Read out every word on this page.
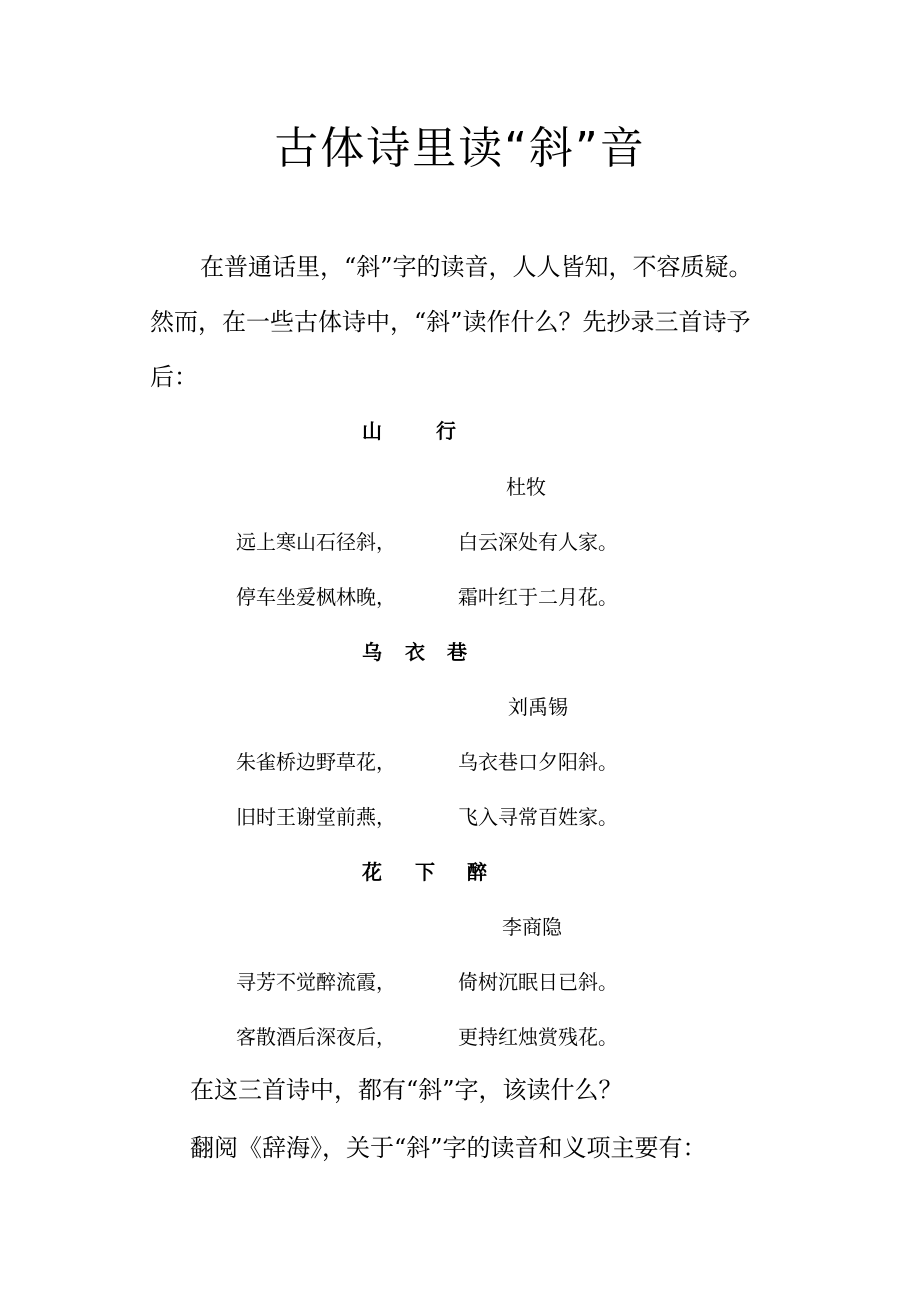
古体诗里读“斜”音
在普通话里，“斜”字的读音，人人皆知，不容质疑。
然而，在一些古体诗中，“斜”读作什么？先抄录三首诗予
后：
山	行
杜牧
远上寒山石径斜，	白云深处有人家。
停车坐爱枫林晚，	霜叶红于二月花。
乌 衣 巷
刘禹锡
朱雀桥边野草花，	乌衣巷口夕阳斜。
旧时王谢堂前燕，	飞入寻常百姓家。
花 下 醉
李商隐
寻芳不觉醉流霞，	倚树沉眠日已斜。
客散酒后深夜后，	更持红烛赏残花。
在这三首诗中，都有“斜”字，该读什么？
翻阅《辞海》，关于“斜”字的读音和义项主要有：
